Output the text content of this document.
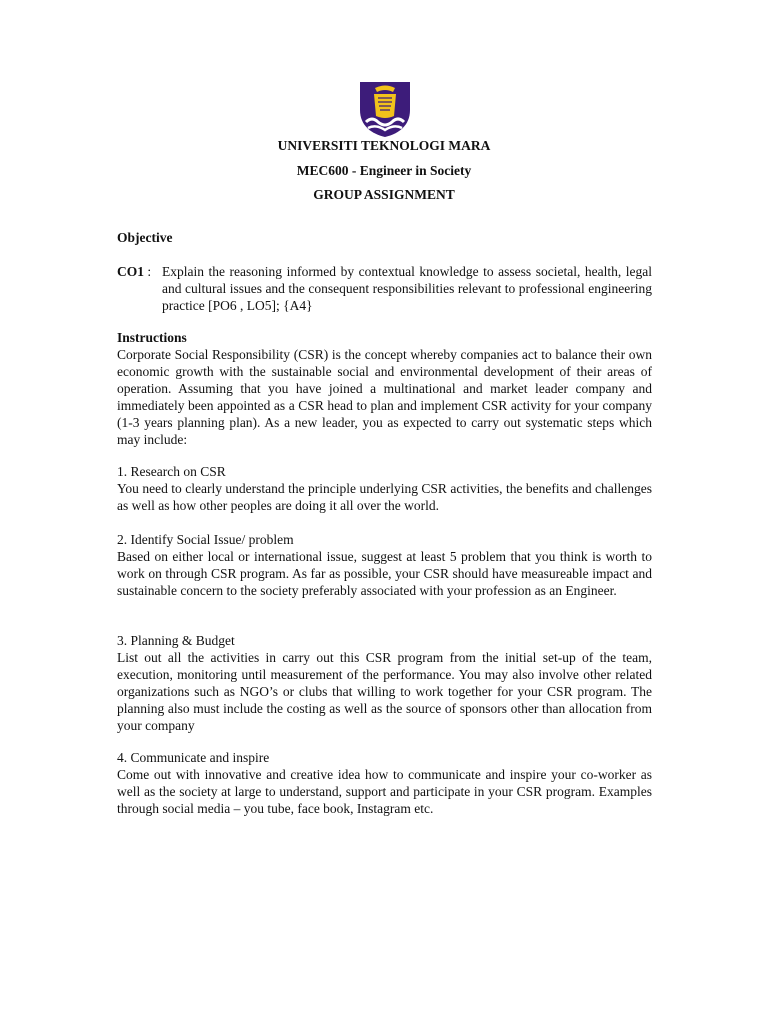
UNIVERSITI TEKNOLOGI MARA
MEC600 - Engineer in Society
GROUP ASSIGNMENT
Objective
CO1 : Explain the reasoning informed by contextual knowledge to assess societal, health, legal and cultural issues and the consequent responsibilities relevant to professional engineering practice [PO6 , LO5]; {A4}
Instructions
Corporate Social Responsibility (CSR) is the concept whereby companies act to balance their own economic growth with the sustainable social and environmental development of their areas of operation. Assuming that you have joined a multinational and market leader company and immediately been appointed as a CSR head to plan and implement CSR activity for your company (1-3 years planning plan). As a new leader, you as expected to carry out systematic steps which may include:
1. Research on CSR
You need to clearly understand the principle underlying CSR activities, the benefits and challenges as well as how other peoples are doing it all over the world.
2. Identify Social Issue/ problem
Based on either local or international issue, suggest at least 5 problem that you think is worth to work on through CSR program. As far as possible, your CSR should have measureable impact and sustainable concern to the society preferably associated with your profession as an Engineer.
3. Planning & Budget
List out all the activities in carry out this CSR program from the initial set-up of the team, execution, monitoring until measurement of the performance. You may also involve other related organizations such as NGO’s or clubs that willing to work together for your CSR program. The planning also must include the costing as well as the source of sponsors other than allocation from your company
4. Communicate and inspire
Come out with innovative and creative idea how to communicate and inspire your co-worker as well as the society at large to understand, support and participate in your CSR program. Examples through social media – you tube, face book, Instagram etc.
